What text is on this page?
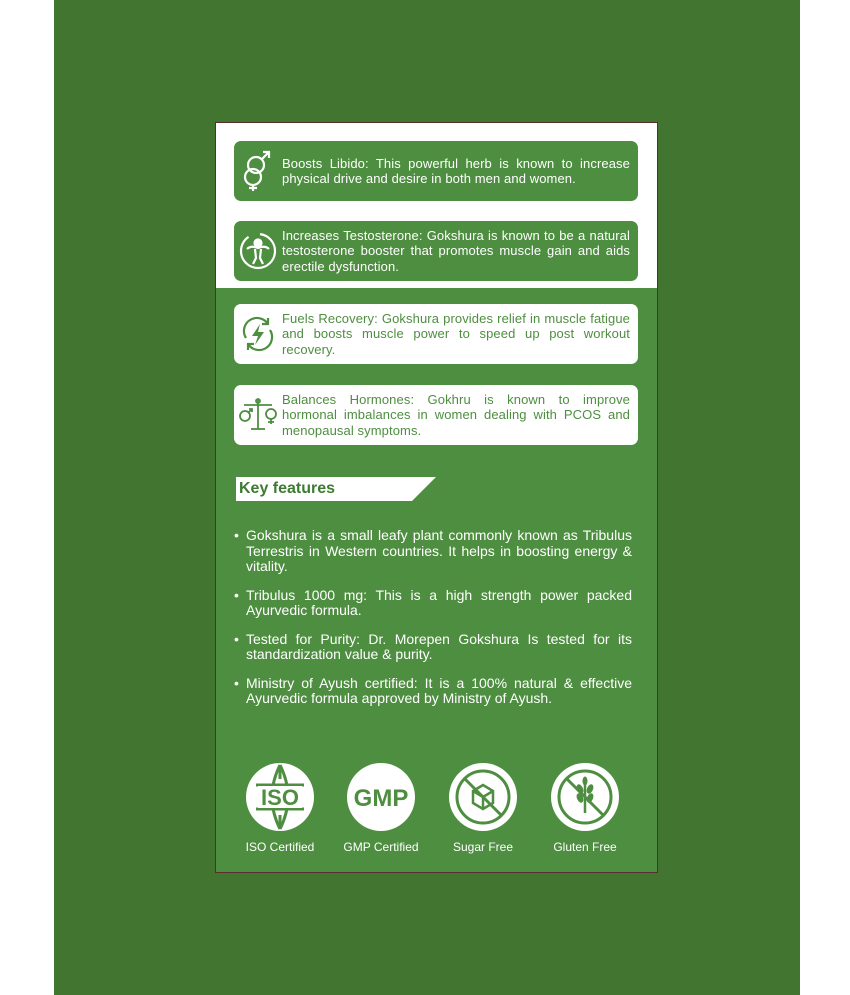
Boosts Libido: This powerful herb is known to increase physical drive and desire in both men and women.
Increases Testosterone: Gokshura is known to be a natural testosterone booster that promotes muscle gain and aids erectile dysfunction.
Fuels Recovery: Gokshura provides relief in muscle fatigue and boosts muscle power to speed up post workout recovery.
Balances Hormones: Gokhru is known to improve hormonal imbalances in women dealing with PCOS and menopausal symptoms.
Key features
• Gokshura is a small leafy plant commonly known as Tribulus Terrestris in Western countries. It helps in boosting energy & vitality.
• Tribulus 1000 mg: This is a high strength power packed Ayurvedic formula.
• Tested for Purity: Dr. Morepen Gokshura Is tested for its standardization value & purity.
• Ministry of Ayush certified: It is a 100% natural & effective Ayurvedic formula approved by Ministry of Ayush.
ISO
ISO Certified
GMP
GMP Certified	Sugar Free	Gluten Free
